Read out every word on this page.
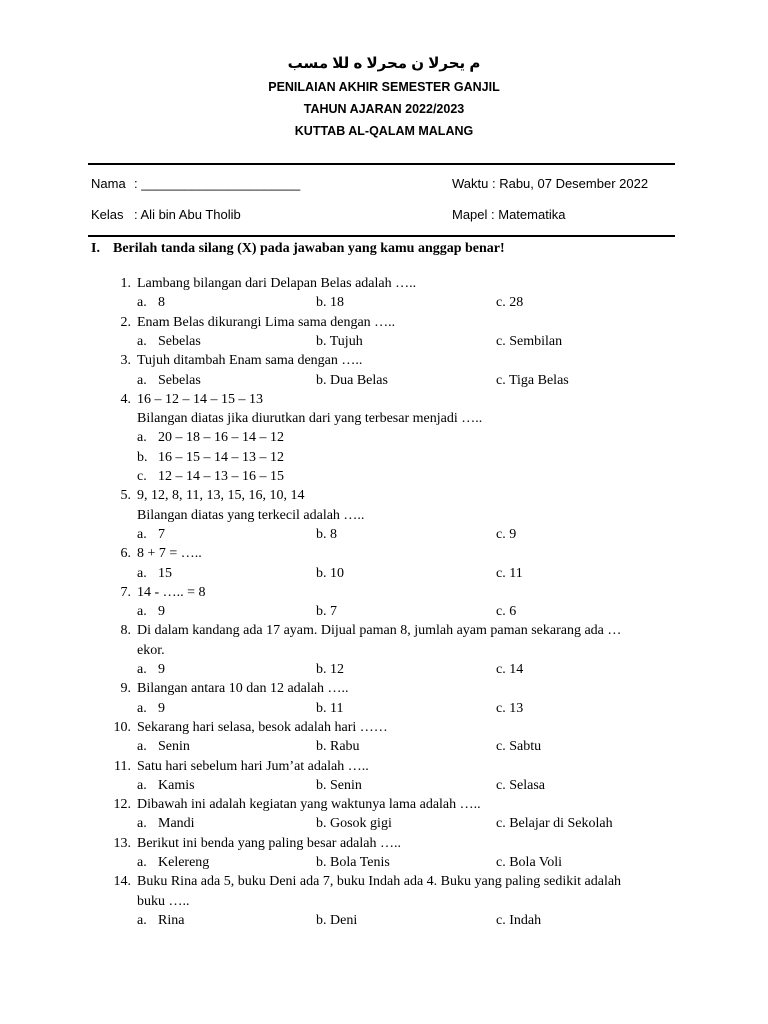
م يحرلا ن محرلا ه للا مسب
PENILAIAN AKHIR SEMESTER GANJIL
TAHUN AJARAN 2022/2023
KUTTAB AL-QALAM MALANG
Nama : ______________________	Waktu : Rabu, 07 Desember 2022
Kelas : Ali bin Abu Tholib	Mapel : Matematika
I. Berilah tanda silang (X) pada jawaban yang kamu anggap benar!
1. Lambang bilangan dari Delapan Belas adalah …..
a. 8	b. 18	c. 28
2. Enam Belas dikurangi Lima sama dengan …..
a. Sebelas	b. Tujuh	c. Sembilan
3. Tujuh ditambah Enam sama dengan …..
a. Sebelas	b. Dua Belas	c. Tiga Belas
4. 16 – 12 – 14 – 15 – 13
Bilangan diatas jika diurutkan dari yang terbesar menjadi …..
a. 20 – 18 – 16 – 14 – 12
b. 16 – 15 – 14 – 13 – 12
c. 12 – 14 – 13 – 16 – 15
5. 9, 12, 8, 11, 13, 15, 16, 10, 14
Bilangan diatas yang terkecil adalah …..
a. 7	b. 8	c. 9
6. 8 + 7 = …..
a. 15	b. 10	c. 11
7. 14 - ….. = 8
a. 9	b. 7	c. 6
8. Di dalam kandang ada 17 ayam. Dijual paman 8, jumlah ayam paman sekarang ada …
ekor.
a. 9	b. 12	c. 14
9. Bilangan antara 10 dan 12 adalah …..
a. 9	b. 11	c. 13
10. Sekarang hari selasa, besok adalah hari ……
a. Senin	b. Rabu	c. Sabtu
11. Satu hari sebelum hari Jum’at adalah …..
a. Kamis	b. Senin	c. Selasa
12. Dibawah ini adalah kegiatan yang waktunya lama adalah …..
a. Mandi	b. Gosok gigi	c. Belajar di Sekolah
13. Berikut ini benda yang paling besar adalah …..
a. Kelereng	b. Bola Tenis	c. Bola Voli
14. Buku Rina ada 5, buku Deni ada 7, buku Indah ada 4. Buku yang paling sedikit adalah
buku …..
a. Rina	b. Deni	c. Indah
